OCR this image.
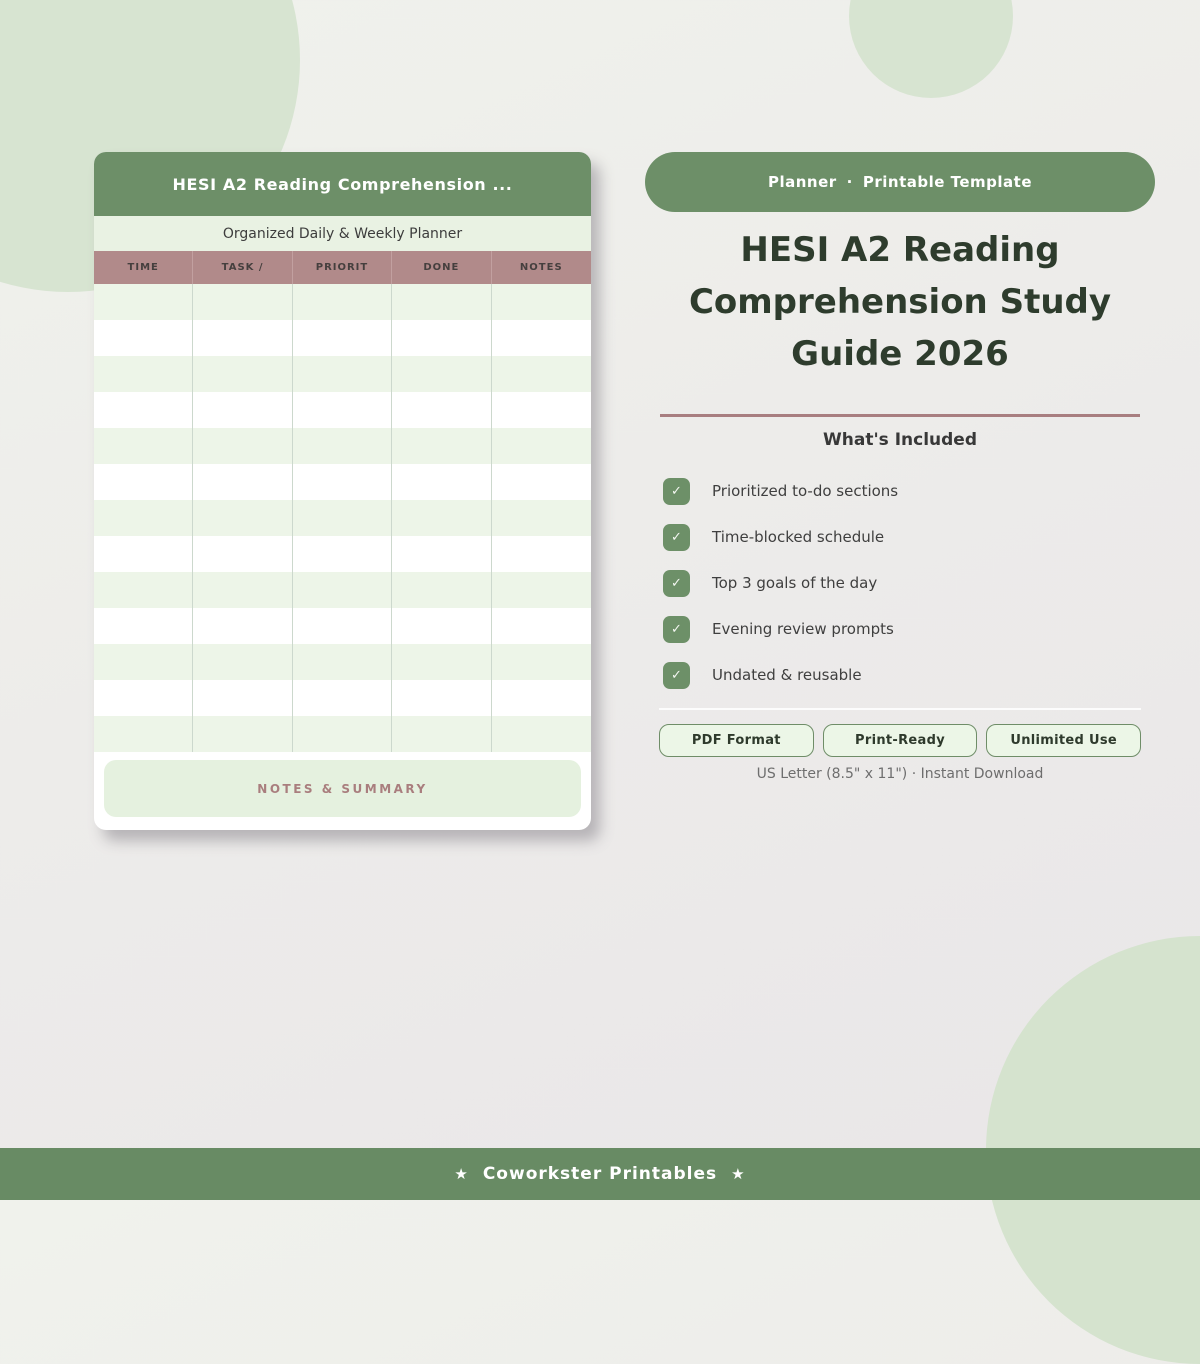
HESI A2 Reading Comprehension ...
Organized Daily & Weekly Planner
TIME	TASK /	PRIORIT	DONE	NOTES
NOTES & SUMMARY
Planner · Printable Template
HESI A2 Reading Comprehension Study Guide 2026
What's Included
✓	Prioritized to-do sections
✓	Time-blocked schedule
✓	Top 3 goals of the day
✓	Evening review prompts
✓	Undated & reusable
PDF Format	Print-Ready	Unlimited Use
US Letter (8.5" x 11") · Instant Download
★ Coworkster Printables ★
